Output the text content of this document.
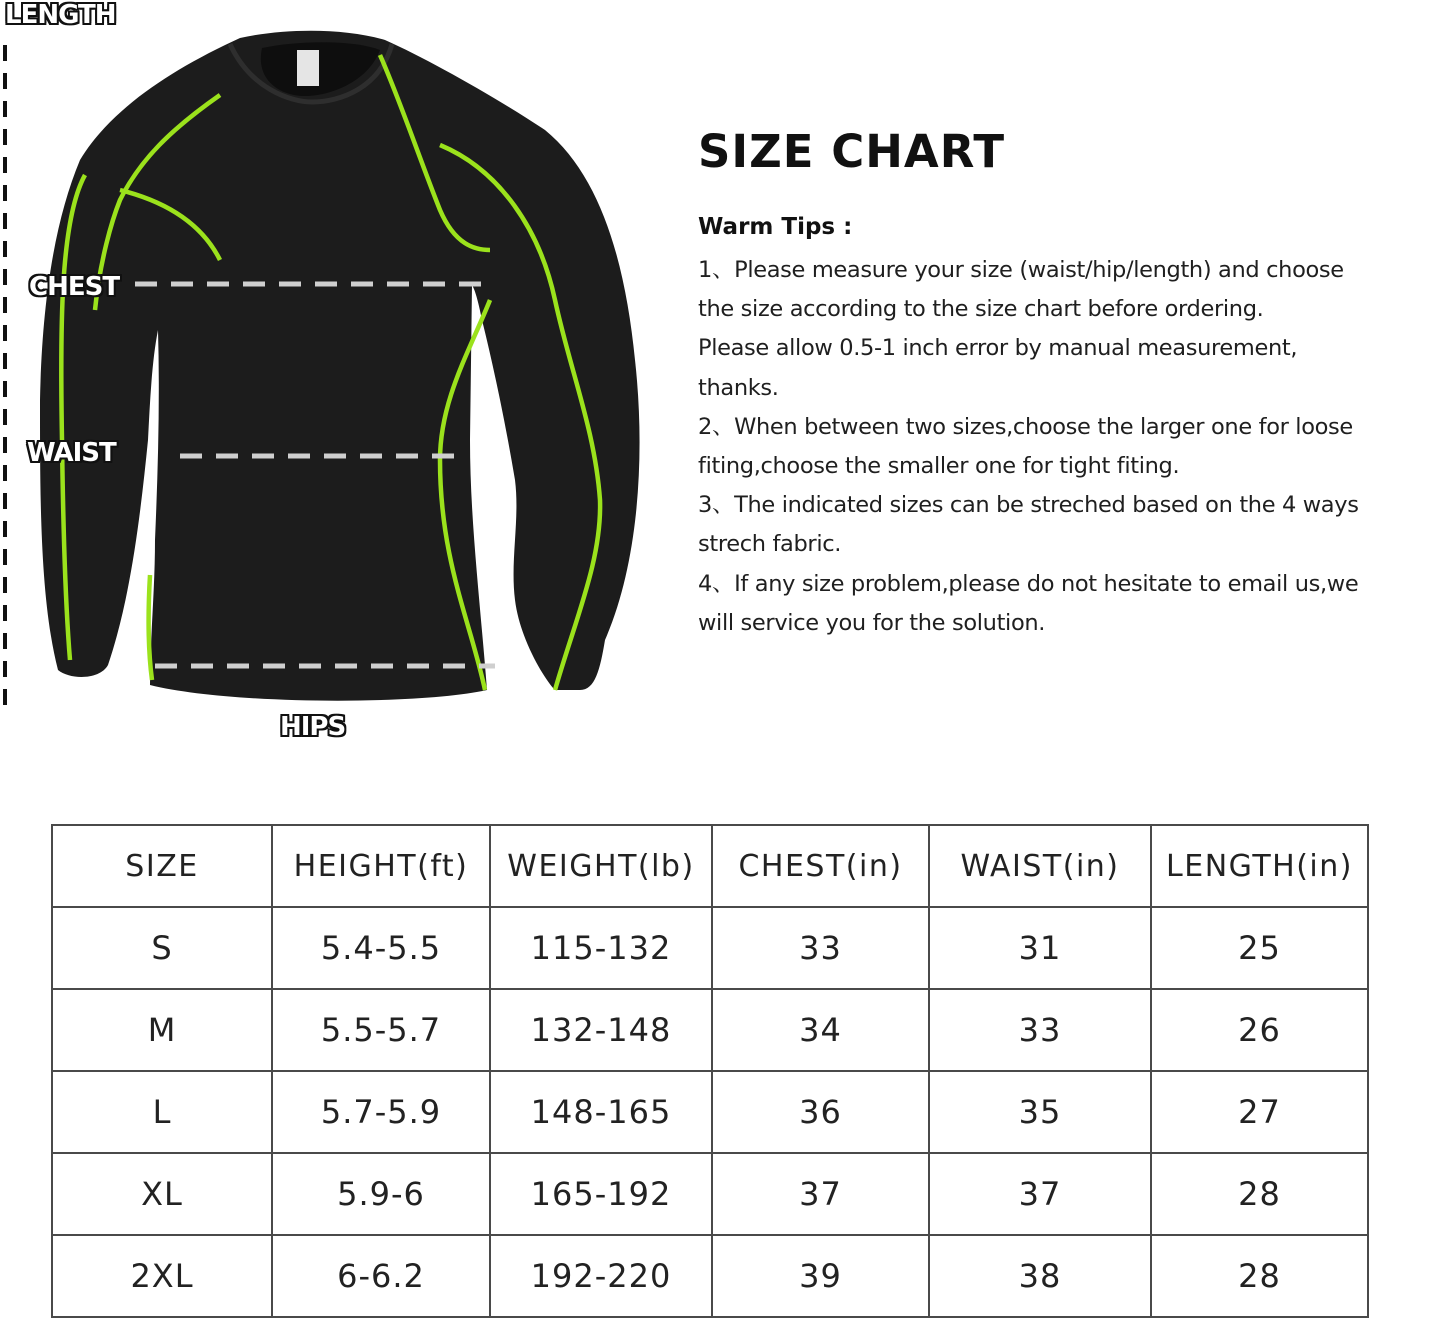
LENGTH
CHEST
WAIST
HIPS
SIZE CHART
Warm Tips :
1、Please measure your size (waist/hip/length) and choose
the size according to the size chart before ordering.
Please allow 0.5-1 inch error by manual measurement,
thanks.
2、When between two sizes,choose the larger one for loose
fiting,choose the smaller one for tight fiting.
3、The indicated sizes can be streched based on the 4 ways
strech fabric.
4、If any size problem,please do not hesitate to email us,we
will service you for the solution.
SIZE	HEIGHT(ft)	WEIGHT(lb)	CHEST(in)	WAIST(in)	LENGTH(in)
S	5.4-5.5	115-132	33	31	25
M	5.5-5.7	132-148	34	33	26
L	5.7-5.9	148-165	36	35	27
XL	5.9-6	165-192	37	37	28
2XL	6-6.2	192-220	39	38	28
